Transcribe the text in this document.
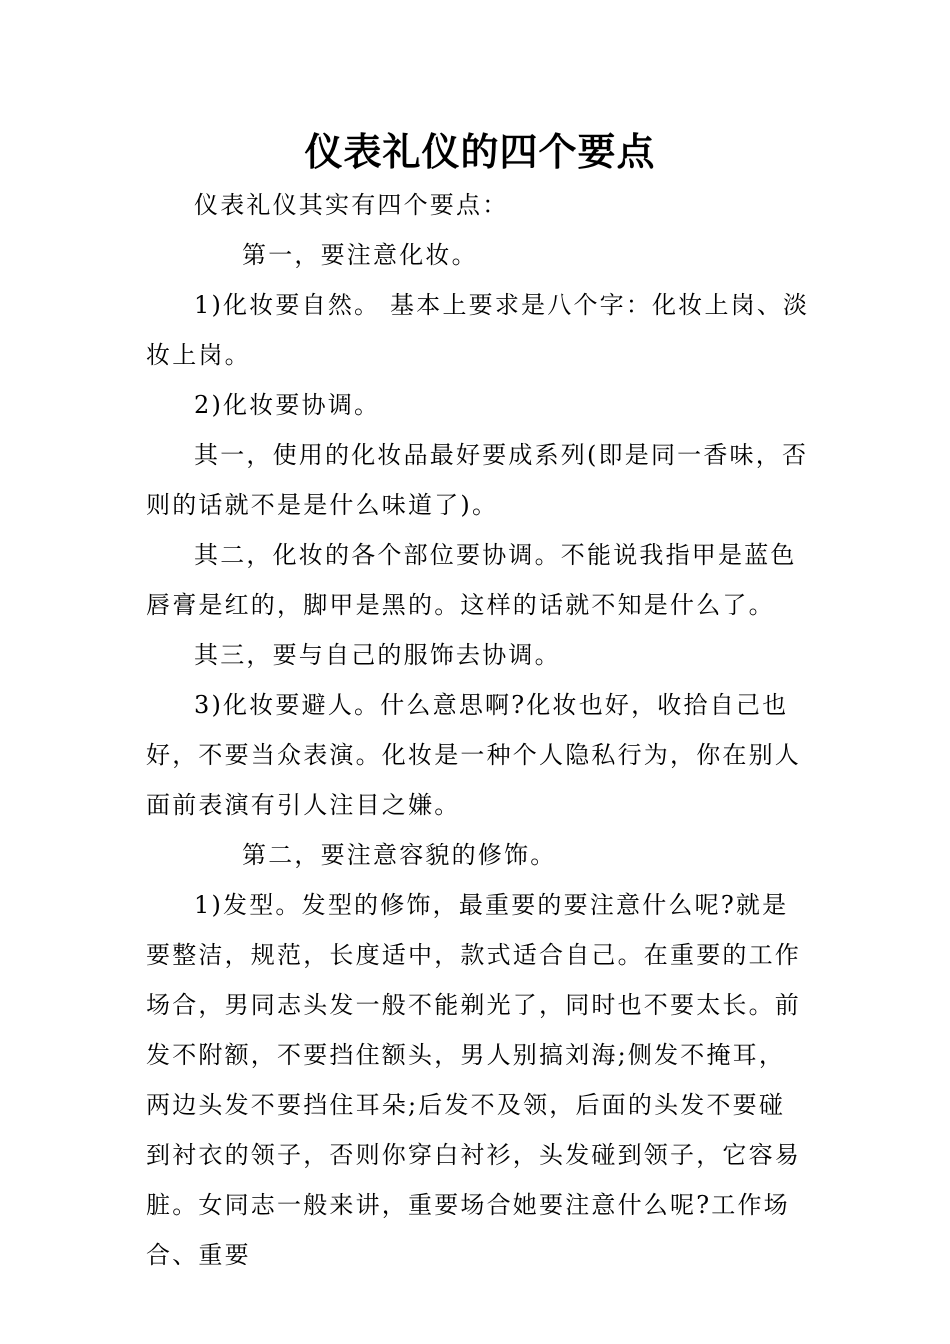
仪表礼仪的四个要点

仪表礼仪其实有四个要点：

第一，要注意化妆。

1)化妆要自然。 基本上要求是八个字：化妆上岗、淡妆上岗。

2)化妆要协调。

其一，使用的化妆品最好要成系列(即是同一香味，否则的话就不是是什么味道了)。

其二，化妆的各个部位要协调。不能说我指甲是蓝色唇膏是红的，脚甲是黑的。这样的话就不知是什么了。

其三，要与自己的服饰去协调。

3)化妆要避人。什么意思啊?化妆也好，收拾自己也好，不要当众表演。化妆是一种个人隐私行为，你在别人面前表演有引人注目之嫌。

第二，要注意容貌的修饰。

1)发型。发型的修饰，最重要的要注意什么呢?就是要整洁，规范，长度适中，款式适合自己。在重要的工作场合，男同志头发一般不能剃光了，同时也不要太长。前发不附额，不要挡住额头，男人别搞刘海;侧发不掩耳，两边头发不要挡住耳朵;后发不及领，后面的头发不要碰到衬衣的领子，否则你穿白衬衫，头发碰到领子，它容易脏。女同志一般来讲，重要场合她要注意什么呢?工作场合、重要
